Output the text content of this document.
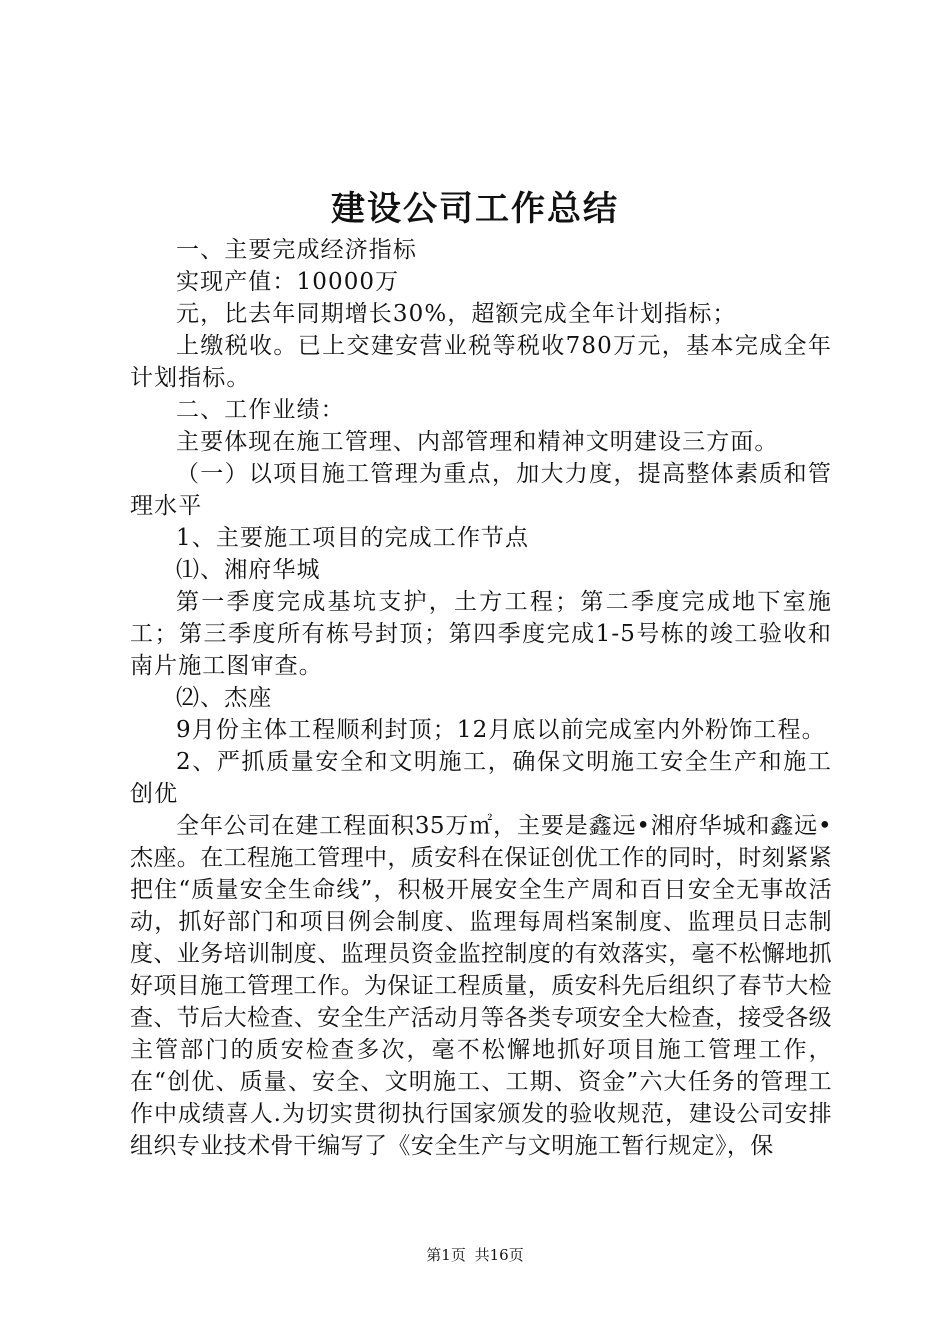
建设公司工作总结

一、主要完成经济指标

实现产值：10000万

元，比去年同期增长30%，超额完成全年计划指标；

上缴税收。已上交建安营业税等税收780万元，基本完成全年计划指标。

二、工作业绩：

主要体现在施工管理、内部管理和精神文明建设三方面。

（一）以项目施工管理为重点，加大力度，提高整体素质和管理水平

1、主要施工项目的完成工作节点

⑴、湘府华城

第一季度完成基坑支护，土方工程；第二季度完成地下室施工；第三季度所有栋号封顶；第四季度完成1-5号栋的竣工验收和南片施工图审查。

⑵、杰座

9月份主体工程顺利封顶；12月底以前完成室内外粉饰工程。

2、严抓质量安全和文明施工，确保文明施工安全生产和施工创优

全年公司在建工程面积35万㎡，主要是鑫远•湘府华城和鑫远•杰座。在工程施工管理中，质安科在保证创优工作的同时，时刻紧紧把住“质量安全生命线”，积极开展安全生产周和百日安全无事故活动，抓好部门和项目例会制度、监理每周档案制度、监理员日志制度、业务培训制度、监理员资金监控制度的有效落实，毫不松懈地抓好项目施工管理工作。为保证工程质量，质安科先后组织了春节大检查、节后大检查、安全生产活动月等各类专项安全大检查，接受各级主管部门的质安检查多次，毫不松懈地抓好项目施工管理工作，在“创优、质量、安全、文明施工、工期、资金”六大任务的管理工作中成绩喜人.为切实贯彻执行国家颁发的验收规范，建设公司安排组织专业技术骨干编写了《安全生产与文明施工暂行规定》，保

第1页 共16页
